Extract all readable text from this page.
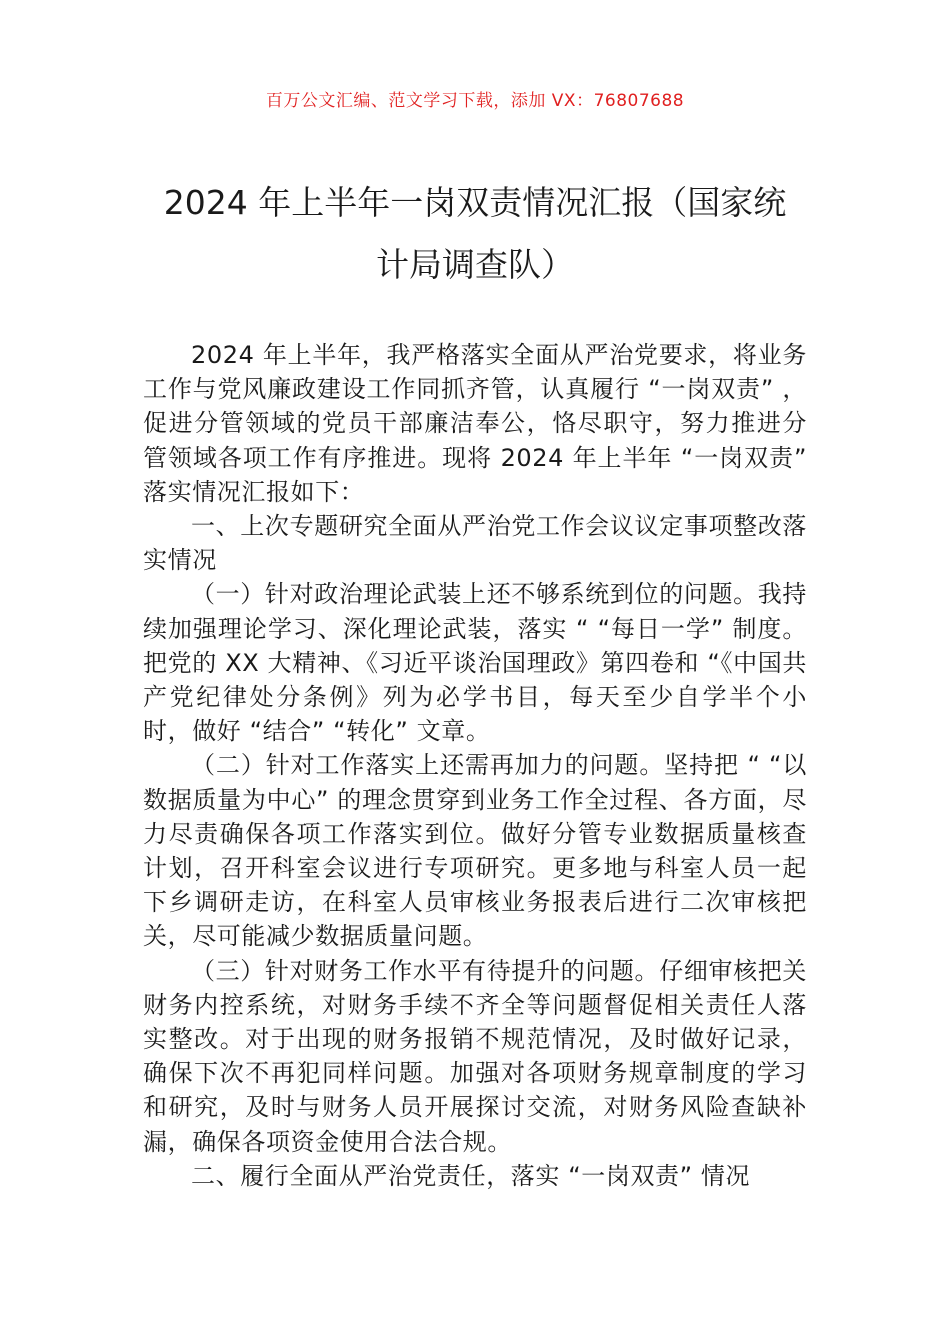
百万公文汇编、范文学习下载，添加 VX：76807688
2024 年上半年一岗双责情况汇报（国家统
计局调查队）

2024 年上半年，我严格落实全面从严治党要求，将业务工作与党风廉政建设工作同抓齐管，认真履行 “一岗双责” ，促进分管领域的党员干部廉洁奉公，恪尽职守，努力推进分管领域各项工作有序推进。现将 2024 年上半年 “一岗双责” 落实情况汇报如下：

一、上次专题研究全面从严治党工作会议议定事项整改落实情况

（一）针对政治理论武装上还不够系统到位的问题。我持续加强理论学习、深化理论武装，落实 “ “每日一学” 制度。把党的 XX 大精神、《习近平谈治国理政》第四卷和 “《中国共产党纪律处分条例》列为必学书目，每天至少自学半个小时，做好 “结合” “转化” 文章。

（二）针对工作落实上还需再加力的问题。坚持把 “ “以数据质量为中心” 的理念贯穿到业务工作全过程、各方面，尽力尽责确保各项工作落实到位。做好分管专业数据质量核查计划，召开科室会议进行专项研究。更多地与科室人员一起下乡调研走访，在科室人员审核业务报表后进行二次审核把关，尽可能减少数据质量问题。

（三）针对财务工作水平有待提升的问题。仔细审核把关财务内控系统，对财务手续不齐全等问题督促相关责任人落实整改。对于出现的财务报销不规范情况，及时做好记录，确保下次不再犯同样问题。加强对各项财务规章制度的学习和研究，及时与财务人员开展探讨交流，对财务风险查缺补漏，确保各项资金使用合法合规。

二、履行全面从严治党责任，落实 “一岗双责” 情况
